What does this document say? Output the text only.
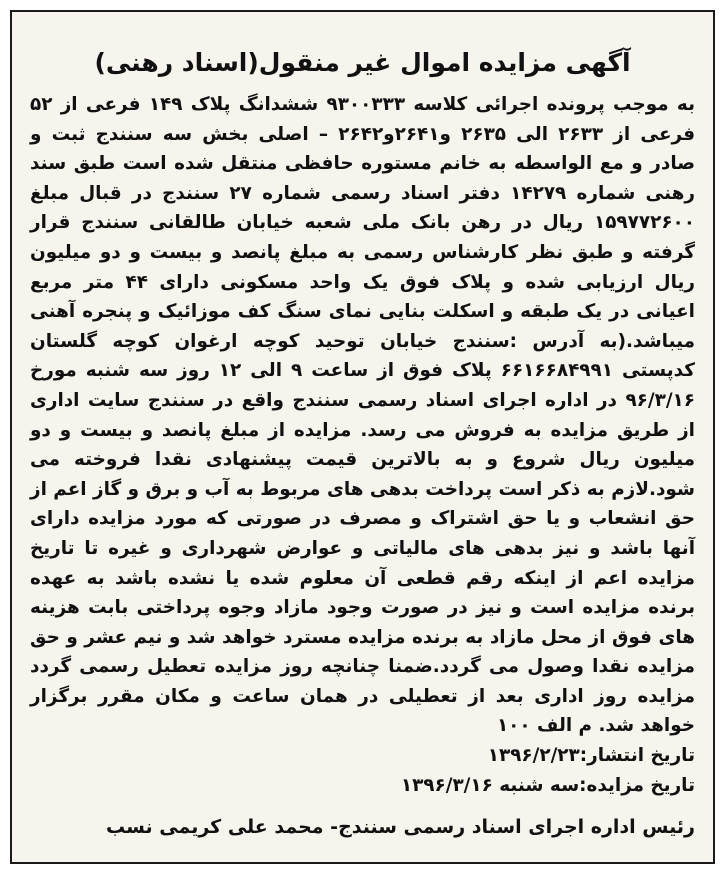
آگهی مزایده اموال غیر منقول(اسناد رهنی)

به موجب پرونده اجرائی کلاسه ۹۳۰۰۳۳۳ ششدانگ پلاک ۱۴۹ فرعی از ۵۲ فرعی از ۲۶۳۳ الی ۲۶۳۵ و۲۶۴۱و۲۶۴۲ – اصلی بخش سه سنندج ثبت و صادر و مع الواسطه به خانم مستوره حافظی منتقل شده است طبق سند رهنی شماره ۱۴۲۷۹ دفتر اسناد رسمی شماره ۲۷ سنندج در قبال مبلغ ۱۵۹۷۷۲۶۰۰ ریال در رهن بانک ملی شعبه خیابان طالقانی سنندج قرار گرفته و طبق نظر کارشناس رسمی به مبلغ پانصد و بیست و دو میلیون ریال ارزیابی شده و پلاک فوق یک واحد مسکونی دارای ۴۴ متر مربع اعیانی در یک طبقه و اسکلت بنایی نمای سنگ کف موزائیک و پنجره آهنی میباشد.(به آدرس :سنندج خیابان توحید کوچه ارغوان کوچه گلستان کدپستی ۶۶۱۶۶۸۴۹۹۱ پلاک فوق از ساعت ۹ الی ۱۲ روز سه شنبه مورخ ۹۶/۳/۱۶ در اداره اجرای اسناد رسمی سنندج واقع در سنندج سایت اداری از طریق مزایده به فروش می رسد. مزایده از مبلغ پانصد و بیست و دو میلیون ریال شروع و به بالاترین قیمت پیشنهادی نقدا فروخته می شود.لازم به ذکر است پرداخت بدهی های مربوط به آب و برق و گاز اعم از حق انشعاب و یا حق اشتراک و مصرف در صورتی که مورد مزایده دارای آنها باشد و نیز بدهی های مالیاتی و عوارض شهرداری و غیره تا تاریخ مزایده اعم از اینکه رقم قطعی آن معلوم شده یا نشده باشد به عهده برنده مزایده است و نیز در صورت وجود مازاد وجوه پرداختی بابت هزینه های فوق از محل مازاد به برنده مزایده مسترد خواهد شد و نیم عشر و حق مزایده نقدا وصول می گردد.ضمنا چنانچه روز مزایده تعطیل رسمی گردد مزایده روز اداری بعد از تعطیلی در همان ساعت و مکان مقرر برگزار خواهد شد. م الف ۱۰۰

تاریخ انتشار:۱۳۹۶/۲/۲۳

تاریخ مزایده:سه شنبه ۱۳۹۶/۳/۱۶

رئیس اداره اجرای اسناد رسمی سنندج- محمد علی کریمی نسب
